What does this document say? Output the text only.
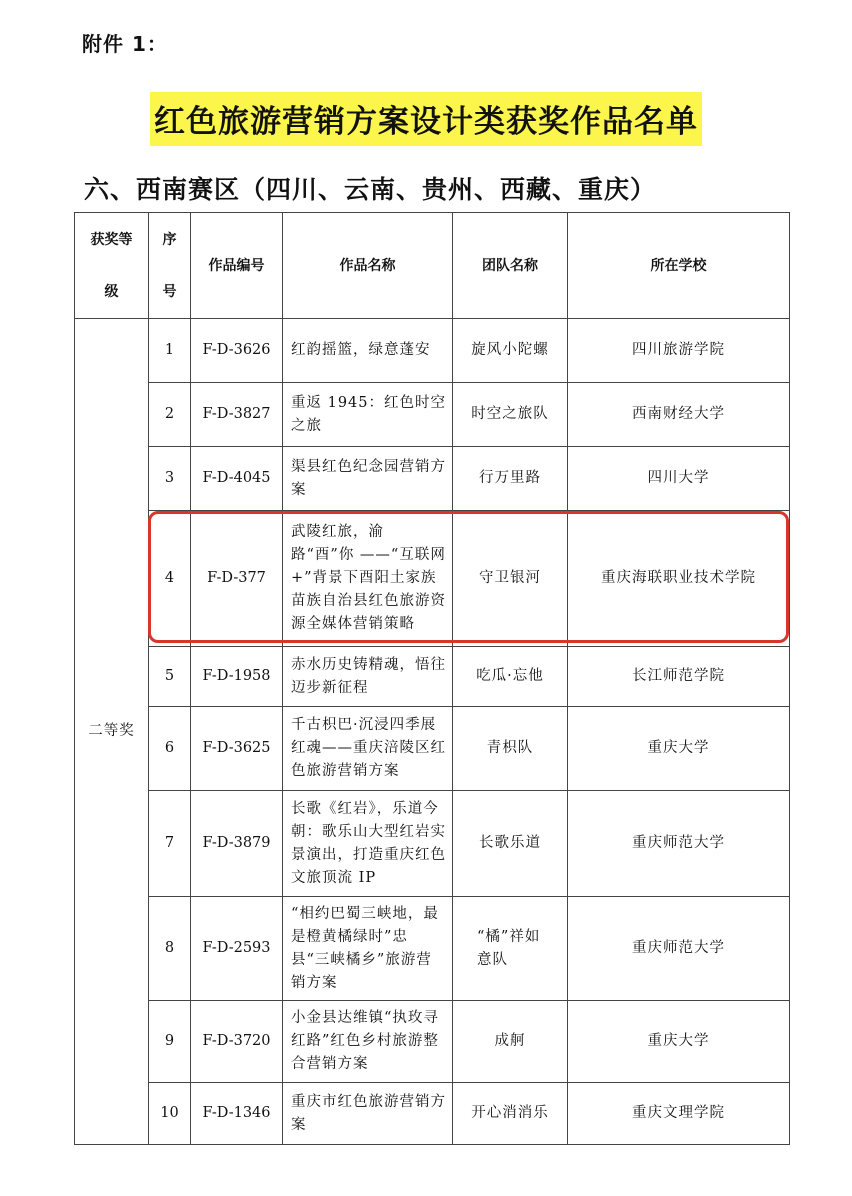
附件 1：
红色旅游营销方案设计类获奖作品名单
六、西南赛区（四川、云南、贵州、西藏、重庆）
获奖等级	序号	作品编号	作品名称	团队名称	所在学校
二等奖	1	F-D-3626	红韵摇篮，绿意蓬安	旋风小陀螺	四川旅游学院
	2	F-D-3827	重返 1945：红色时空之旅	时空之旅队	西南财经大学
	3	F-D-4045	渠县红色纪念园营销方案	行万里路	四川大学
	4	F-D-377	武陵红旅，渝路“酉”你 ——“互联网+”背景下酉阳土家族苗族自治县红色旅游资源全媒体营销策略	守卫银河	重庆海联职业技术学院
	5	F-D-1958	赤水历史铸精魂，悟往迈步新征程	吃瓜·忘他	长江师范学院
	6	F-D-3625	千古枳巴·沉浸四季展红魂——重庆涪陵区红色旅游营销方案	青枳队	重庆大学
	7	F-D-3879	长歌《红岩》，乐道今朝：歌乐山大型红岩实景演出，打造重庆红色文旅顶流 IP	长歌乐道	重庆师范大学
	8	F-D-2593	“相约巴蜀三峡地，最是橙黄橘绿时”忠县“三峡橘乡”旅游营销方案	“橘”祥如意队	重庆师范大学
	9	F-D-3720	小金县达维镇“执玫寻红路”红色乡村旅游整合营销方案	成舸	重庆大学
	10	F-D-1346	重庆市红色旅游营销方案	开心消消乐	重庆文理学院
